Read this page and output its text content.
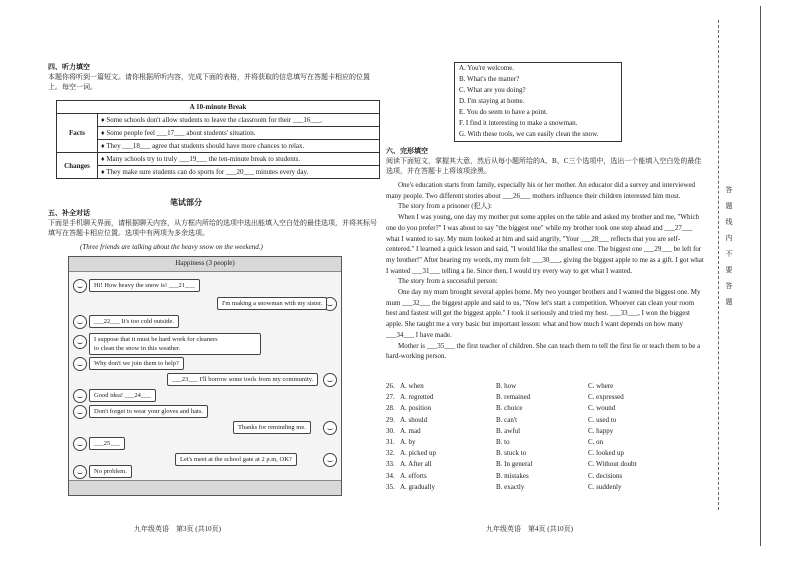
四、听力填空
本题你将听到一篇短文。请你根据所听内容，完成下面的表格，并将获取的信息填写在答题卡相应的位置上。每空一词。
A 10-minute Break	
Facts	♦ Some schools don't allow students to leave the classroom for their ___16___.
	♦ Some people feel ___17___ about students' situation.
	♦ They ___18___ agree that students should have more chances to relax.
Changes	♦ Many schools try to truly ___19___ the ten-minute break to students.
	♦ They make sure students can do sports for ___20___ minutes every day.
笔试部分
五、补全对话
下面是手机聊天界面，请根据聊天内容，从方框内所给的选项中选出能填入空白处的最佳选项，并将其标号填写在答题卡相应位置。选项中有两项为多余选项。
(Three friends are talking about the heavy snow on the weekend.)
Happiness (3 people)
Hi! How heavy the snow is! ___21___
I'm making a snowman with my sister.
___22___ It's too cold outside.
I suppose that it must be hard work for cleaners
to clean the snow in this weather.
Why don't we join them to help?
___23___ I'll borrow some tools from my community.
Good idea! ___24___
Don't forget to wear your gloves and hats.
Thanks for reminding me.
___25___
Let's meet at the school gate at 2 p.m, OK?
No problem.
A. You're welcome.
B. What's the matter?
C. What are you doing?
D. I'm staying at home.
E. You do seem to have a point.
F. I find it interesting to make a snowman.
G. With these tools, we can easily clean the snow.
六、完形填空
阅读下面短文，掌握其大意，然后从每小题所给的A、B、C三个选项中，选出一个能填入空白处的最佳选项，并在答题卡上将该项涂黑。

One's education starts from family, especially his or her mother. An educator did a survey and interviewed many people. Two different stories about ___26___ mothers influence their children interested him most.

The story from a prisoner (犯人):

When I was young, one day my mother put some apples on the table and asked my brother and me, "Which one do you prefer?" I was about to say "the biggest one" while my brother took one step ahead and ___27___ what I wanted to say. My mum looked at him and said angrily, "Your ___28___ reflects that you are self-centered." I learned a quick lesson and said, "I would like the smallest one. The biggest one ___29___ be left for my brother!" After hearing my words, my mum felt ___30___, giving the biggest apple to me as a gift. I got what I wanted ___31___ telling a lie. Since then, I would try every way to get what I wanted.

The story from a successful person:

One day my mum brought several apples home. My two younger brothers and I wanted the biggest one. My mum ___32___ the biggest apple and said to us, "Now let's start a competition. Whoever can clean your room best and fastest will get the biggest apple." I took it seriously and tried my best. ___33___, I won the biggest apple. She taught me a very basic but important lesson: what and how much I want depends on how many ___34___ I have made.

Mother is ___35___ the first teacher of children. She can teach them to tell the first lie or teach them to be a hard-working person.

26. A. when	B. how	C. where
27. A. regretted	B. remained	C. expressed
28. A. position	B. choice	C. wound
29. A. should	B. can't	C. used to
30. A. mad	B. awful	C. happy
31. A. by	B. to	C. on
32. A. picked up	B. stuck to	C. looked up
33. A. After all	B. In general	C. Without doubt
34. A. efforts	B. mistakes	C. decisions
35. A. gradually	B. exactly	C. suddenly
九年级英语　第3页 (共10页)	九年级英语　第4页 (共10页)
答
题
线
内
不
要
答
题
